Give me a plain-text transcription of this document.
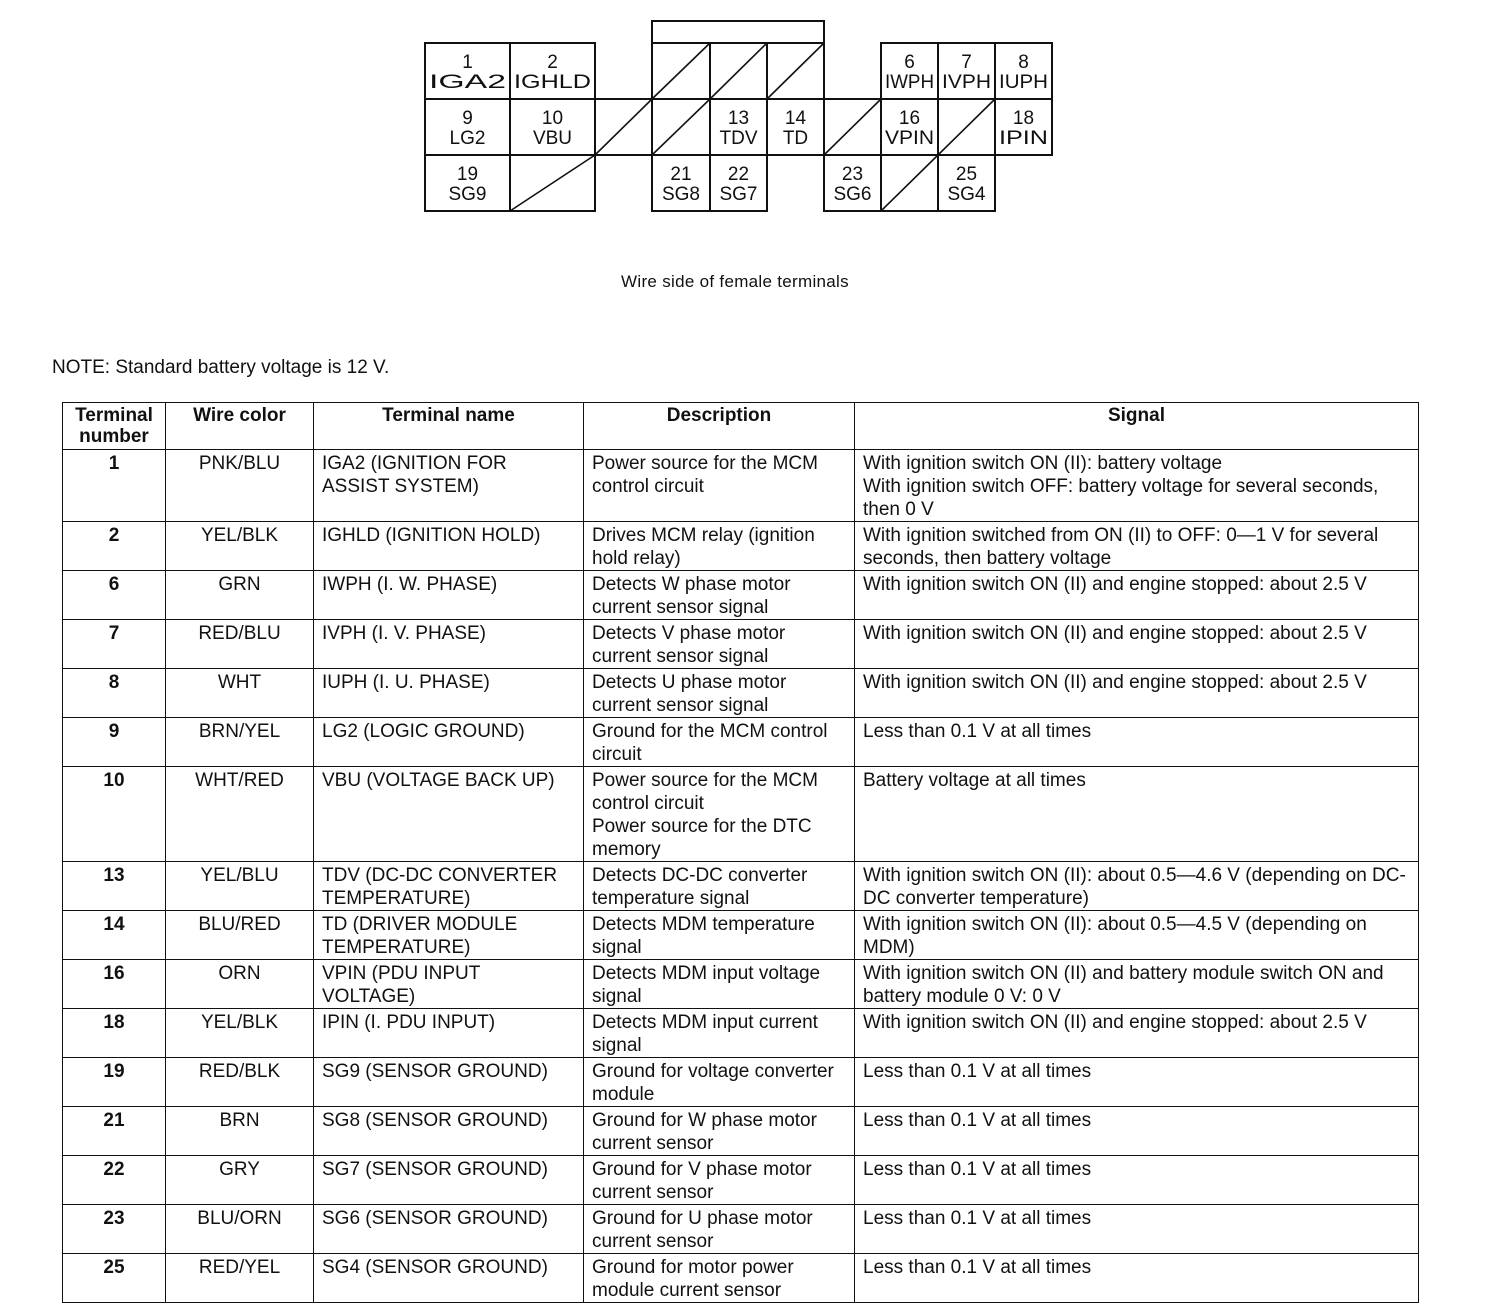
1
IGA2
2
IGHLD
6
IWPH
7
IVPH
8
IUPH
9
LG2
10
VBU
13
TDV
14
TD
16
VPIN
18
IPIN
19
SG9
21
SG8
22
SG7
23
SG6
25
SG4
Wire side of female terminals
NOTE: Standard battery voltage is 12 V.
Terminal number	Wire color	Terminal name	Description	Signal
1	PNK/BLU	IGA2 (IGNITION FOR ASSIST SYSTEM)	Power source for the MCM control circuit	With ignition switch ON (II): battery voltage
With ignition switch OFF: battery voltage for several seconds, then 0 V
2	YEL/BLK	IGHLD (IGNITION HOLD)	Drives MCM relay (ignition hold relay)	With ignition switched from ON (II) to OFF: 0—1 V for several seconds, then battery voltage
6	GRN	IWPH (I. W. PHASE)	Detects W phase motor current sensor signal	With ignition switch ON (II) and engine stopped: about 2.5 V
7	RED/BLU	IVPH (I. V. PHASE)	Detects V phase motor current sensor signal	With ignition switch ON (II) and engine stopped: about 2.5 V
8	WHT	IUPH (I. U. PHASE)	Detects U phase motor current sensor signal	With ignition switch ON (II) and engine stopped: about 2.5 V
9	BRN/YEL	LG2 (LOGIC GROUND)	Ground for the MCM control circuit	Less than 0.1 V at all times
10	WHT/RED	VBU (VOLTAGE BACK UP)	Power source for the MCM control circuit
Power source for the DTC memory	Battery voltage at all times
13	YEL/BLU	TDV (DC-DC CONVERTER TEMPERATURE)	Detects DC-DC converter temperature signal	With ignition switch ON (II): about 0.5—4.6 V (depending on DC-DC converter temperature)
14	BLU/RED	TD (DRIVER MODULE TEMPERATURE)	Detects MDM temperature signal	With ignition switch ON (II): about 0.5—4.5 V (depending on MDM)
16	ORN	VPIN (PDU INPUT VOLTAGE)	Detects MDM input voltage signal	With ignition switch ON (II) and battery module switch ON and battery module 0 V: 0 V
18	YEL/BLK	IPIN (I. PDU INPUT)	Detects MDM input current signal	With ignition switch ON (II) and engine stopped: about 2.5 V
19	RED/BLK	SG9 (SENSOR GROUND)	Ground for voltage converter module	Less than 0.1 V at all times
21	BRN	SG8 (SENSOR GROUND)	Ground for W phase motor current sensor	Less than 0.1 V at all times
22	GRY	SG7 (SENSOR GROUND)	Ground for V phase motor current sensor	Less than 0.1 V at all times
23	BLU/ORN	SG6 (SENSOR GROUND)	Ground for U phase motor current sensor	Less than 0.1 V at all times
25	RED/YEL	SG4 (SENSOR GROUND)	Ground for motor power module current sensor	Less than 0.1 V at all times
